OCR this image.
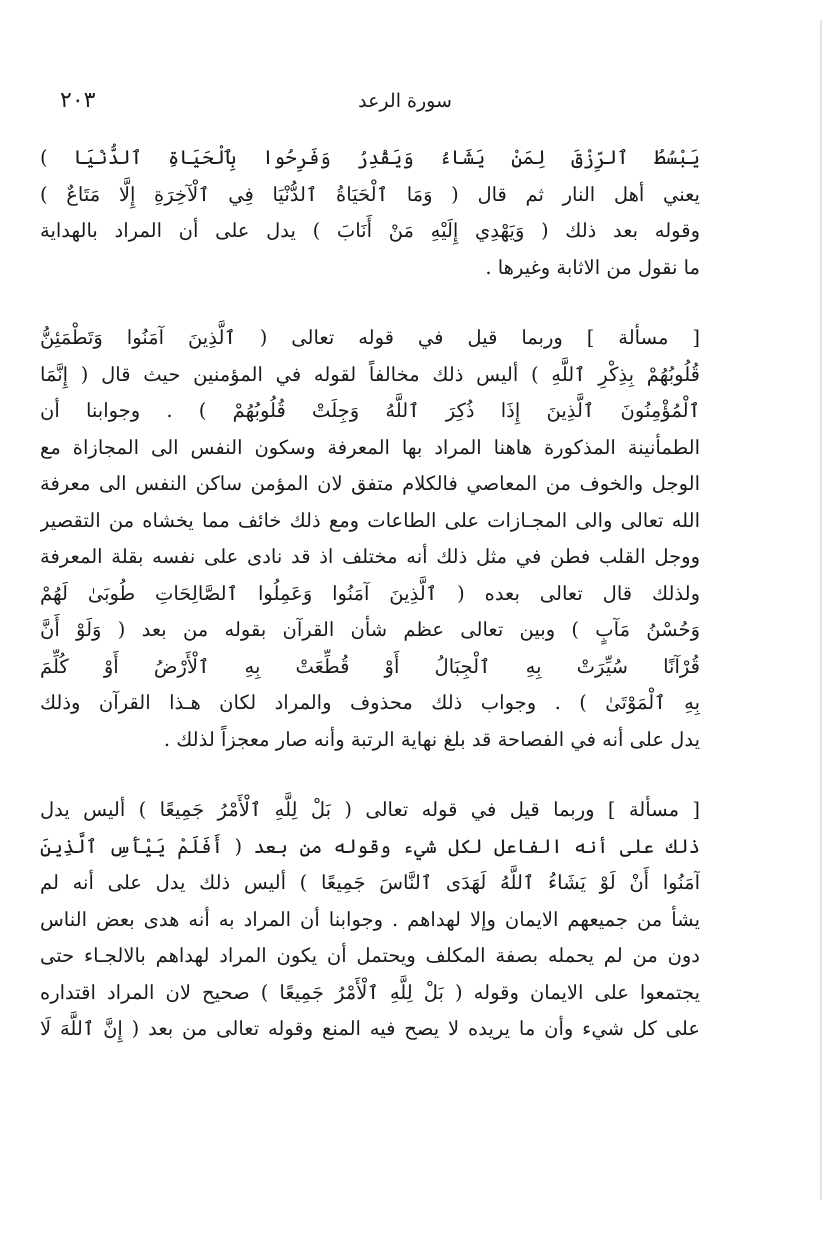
٢٠٣	سورة الرعد
يَبْسُطُ ٱلرِّزْقَ لِمَنْ يَشَاءُ وَيَقْدِرُ وَفَرِحُوا بِٱلْحَيَاةِ ٱلدُّنْيَا )
يعني أهل النار ثم قال ( وَمَا ٱلْحَيَاةُ ٱلدُّنْيَا فِي ٱلْآخِرَةِ إِلَّا مَتَاعٌ )
وقوله بعد ذلك ( وَيَهْدِي إِلَيْهِ مَنْ أَنَابَ ) يدل على أن المراد بالهداية
ما نقول من الاثابة وغيرها .
[ مسألة ] وربما قيل في قوله تعالى ( ٱلَّذِينَ آمَنُوا وَتَطْمَئِنُّ
قُلُوبُهُمْ بِذِكْرِ ٱللَّهِ ) أليس ذلك مخالفاً لقوله في المؤمنين حيث قال ( إِنَّمَا
ٱلْمُؤْمِنُونَ ٱلَّذِينَ إِذَا ذُكِرَ ٱللَّهُ وَجِلَتْ قُلُوبُهُمْ ) . وجوابنا أن
الطمأنينة المذكورة هاهنا المراد بها المعرفة وسكون النفس الى المجازاة مع
الوجل والخوف من المعاصي فالكلام متفق لان المؤمن ساكن النفس الى معرفة
الله تعالى والى المجـازات على الطاعات ومع ذلك خائف مما يخشاه من التقصير
ووجل القلب فطن في مثل ذلك أنه مختلف اذ قد نادى على نفسه بقلة المعرفة
ولذلك قال تعالى بعده ( ٱلَّذِينَ آمَنُوا وَعَمِلُوا ٱلصَّالِحَاتِ طُوبَىٰ لَهُمْ
وَحُسْنُ مَآبٍ ) وبين تعالى عظم شأن القرآن بقوله من بعد ( وَلَوْ أَنَّ
قُرْآنًا سُيِّرَتْ بِهِ ٱلْجِبَالُ أَوْ قُطِّعَتْ بِهِ ٱلْأَرْضُ أَوْ كُلِّمَ
بِهِ ٱلْمَوْتَىٰ ) . وجواب ذلك محذوف والمراد لكان هـذا القرآن وذلك
يدل على أنه في الفصاحة قد بلغ نهاية الرتبة وأنه صار معجزاً لذلك .
[ مسألة ] وربما قيل في قوله تعالى ( بَلْ لِلَّهِ ٱلْأَمْرُ جَمِيعًا ) أليس يدل
ذلك على أنه الفاعل لكل شيء وقوله من بعد ( أَفَلَمْ يَيْأَسِ ٱلَّذِينَ
آمَنُوا أَنْ لَوْ يَشَاءُ ٱللَّهُ لَهَدَى ٱلنَّاسَ جَمِيعًا ) أليس ذلك يدل على أنه لم
يشأ من جميعهم الايمان وإلا لهداهم . وجوابنا أن المراد به أنه هدى بعض الناس
دون من لم يحمله بصفة المكلف ويحتمل أن يكون المراد لهداهم بالالجـاء حتى
يجتمعوا على الايمان وقوله ( بَلْ لِلَّهِ ٱلْأَمْرُ جَمِيعًا ) صحيح لان المراد اقتداره
على كل شيء وأن ما يريده لا يصح فيه المنع وقوله تعالى من بعد ( إِنَّ ٱللَّهَ لَا
